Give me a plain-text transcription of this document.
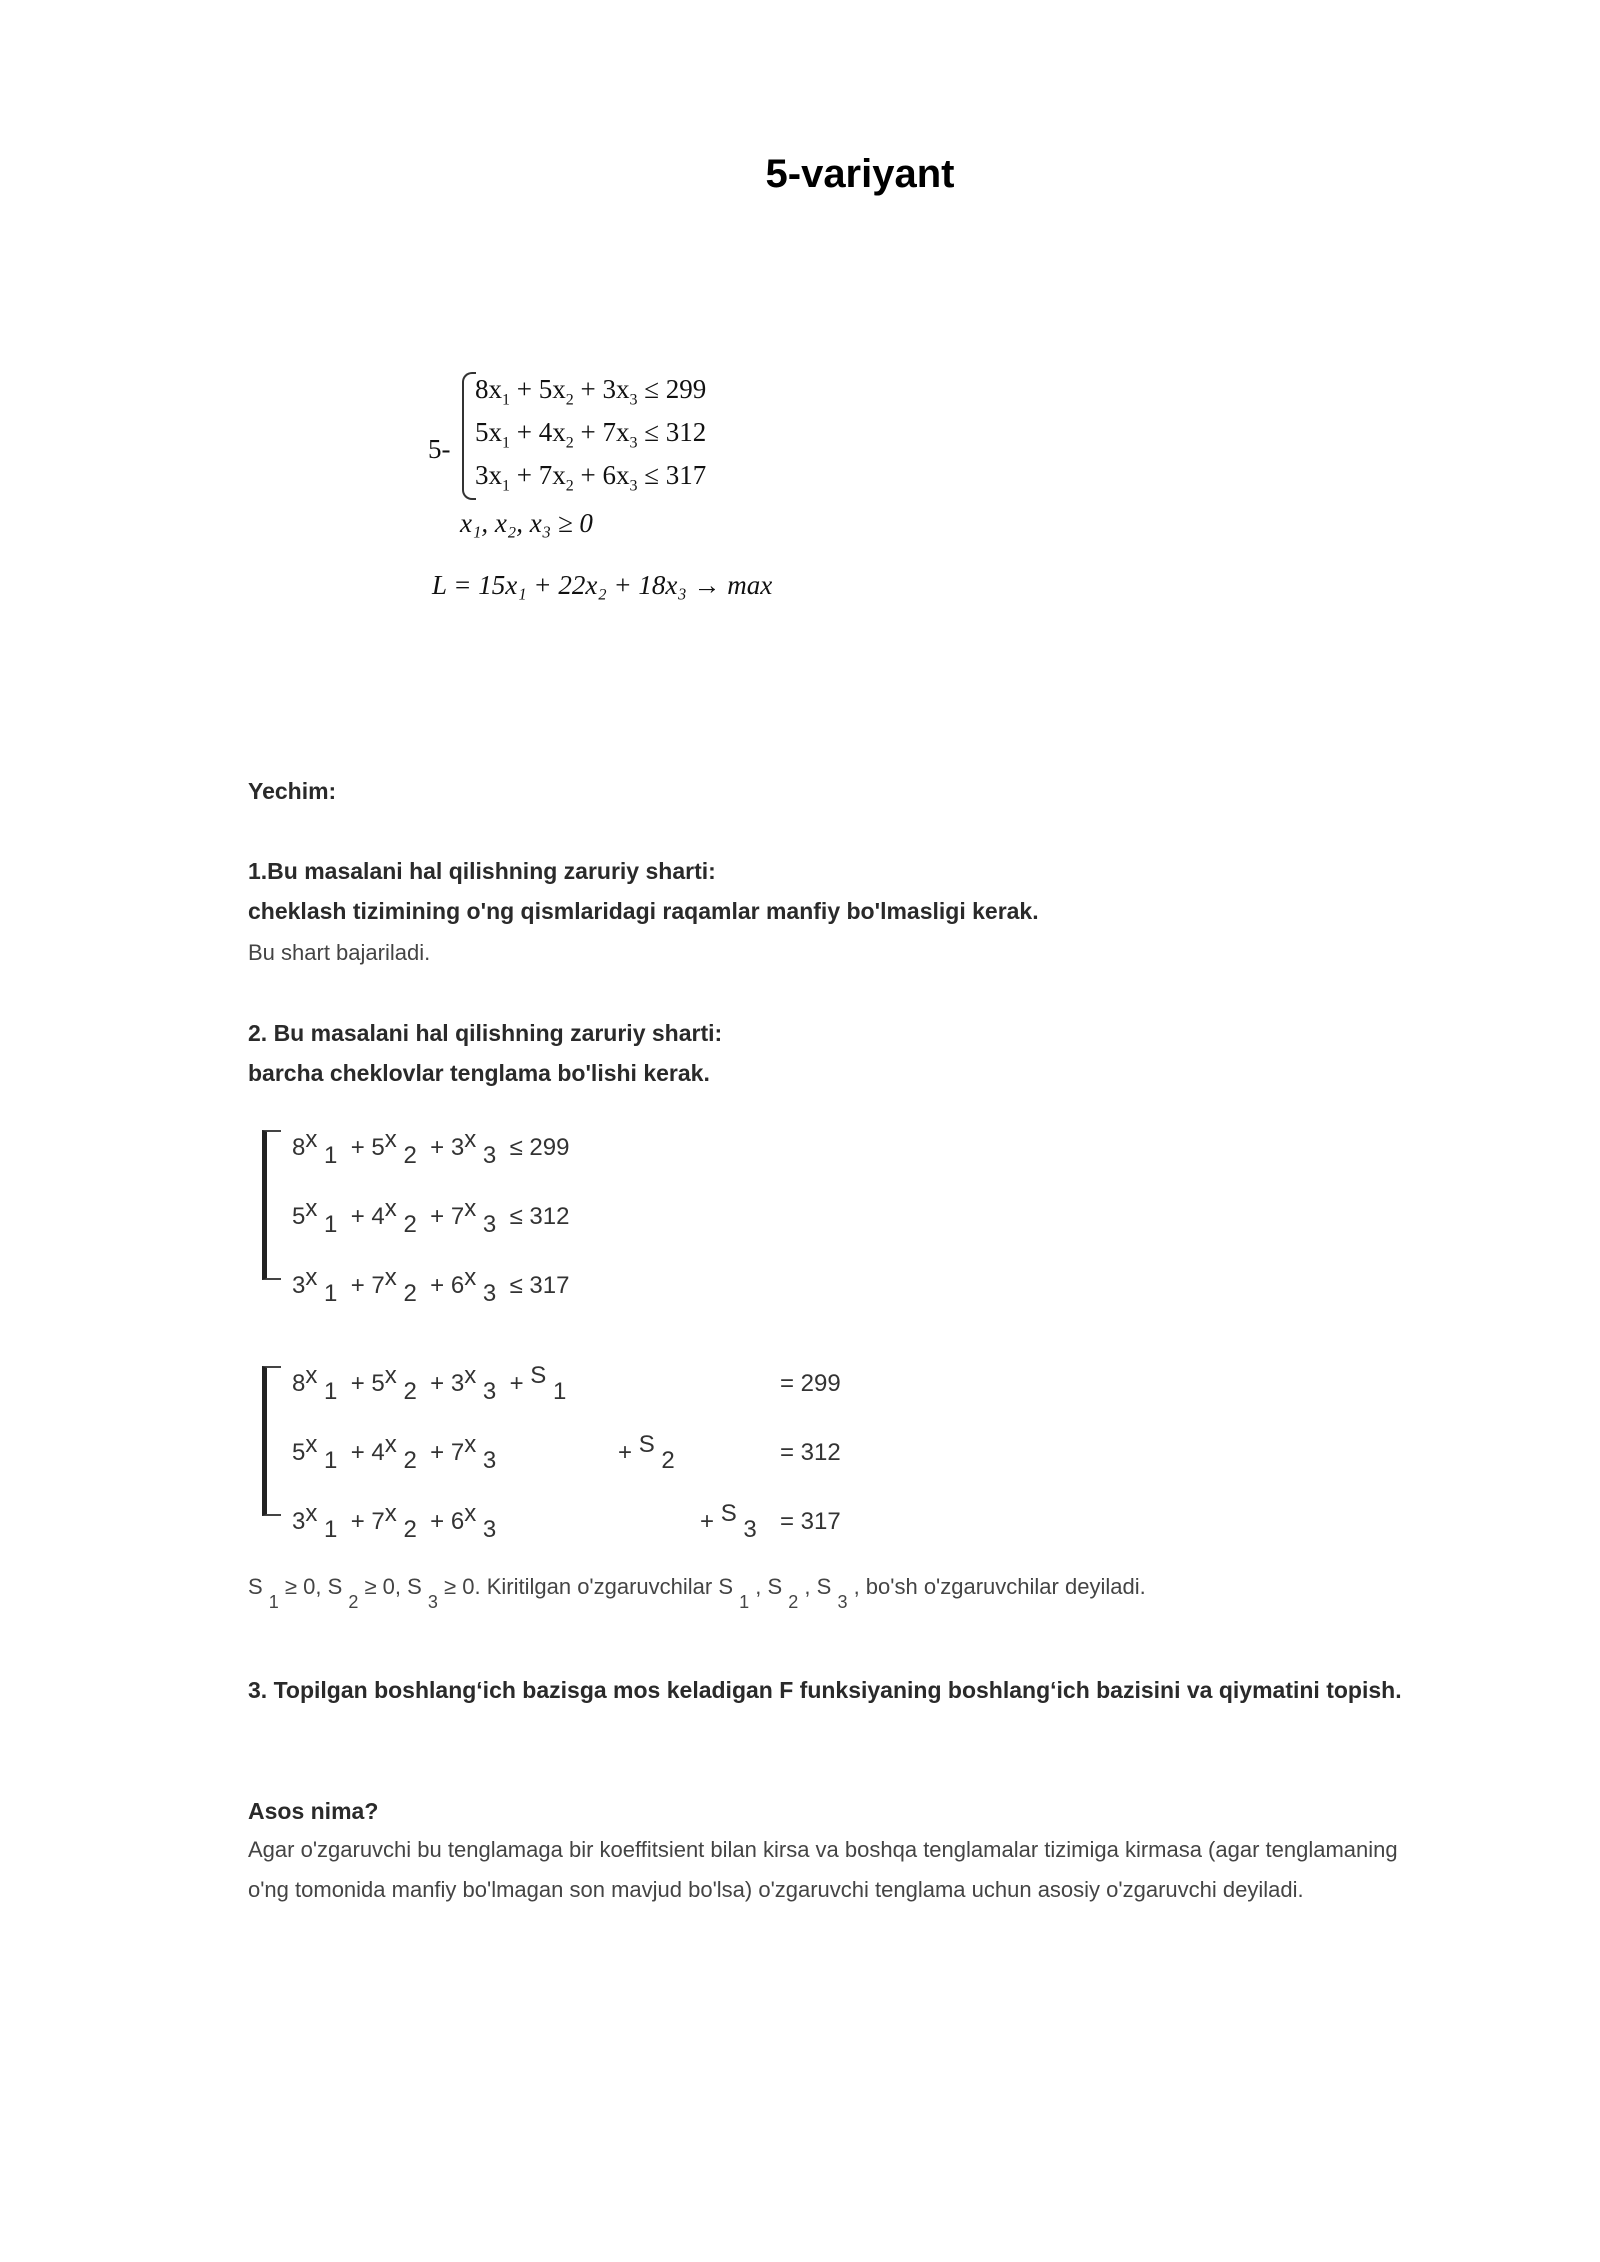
5-variyant
5-
$8x_1 + 5x_2 + 3x_3 \le 299$
$5x_1 + 4x_2 + 7x_3 \le 312$
$3x_1 + 7x_2 + 6x_3 \le 317$
x₁, x₂, x₃ ≥ 0
L = 15x₁ + 22x₂ + 18x₃ → max
Yechim:
1.Bu masalani hal qilishning zaruriy sharti:
cheklash tizimining o'ng qismlaridagi raqamlar manfiy bo'lmasligi kerak.
Bu shart bajariladi.
2. Bu masalani hal qilishning zaruriy sharti:
barcha cheklovlar tenglama bo'lishi kerak.
8x 1  + 5x 2  + 3x 3 ≤ 299
5x 1  + 4x 2  + 7x 3 ≤ 312
3x 1  + 7x 2  + 6x 3 ≤ 317
8x 1  + 5x 2  + 3x 3  + S 1	= 299
5x 1  + 4x 2  + 7x 3	+ S 2	= 312
3x 1  + 7x 2  + 6x 3	+ S 3 = 317
S $_1$ ≥ 0, S $_2$ ≥ 0, S $_3$ ≥ 0. Kiritilgan o'zgaruvchilar S $_1$ , S $_2$ , S $_3$ , bo'sh o'zgaruvchilar deyiladi.
3. Topilgan boshlang‘ich bazisga mos keladigan F funksiyaning boshlang‘ich bazisini va qiymatini topish.
Asos nima?
Agar o'zgaruvchi bu tenglamaga bir koeffitsient bilan kirsa va boshqa tenglamalar tizimiga kirmasa (agar tenglamaning o'ng tomonida manfiy bo'lmagan son mavjud bo'lsa) o'zgaruvchi tenglama uchun asosiy o'zgaruvchi deyiladi.
